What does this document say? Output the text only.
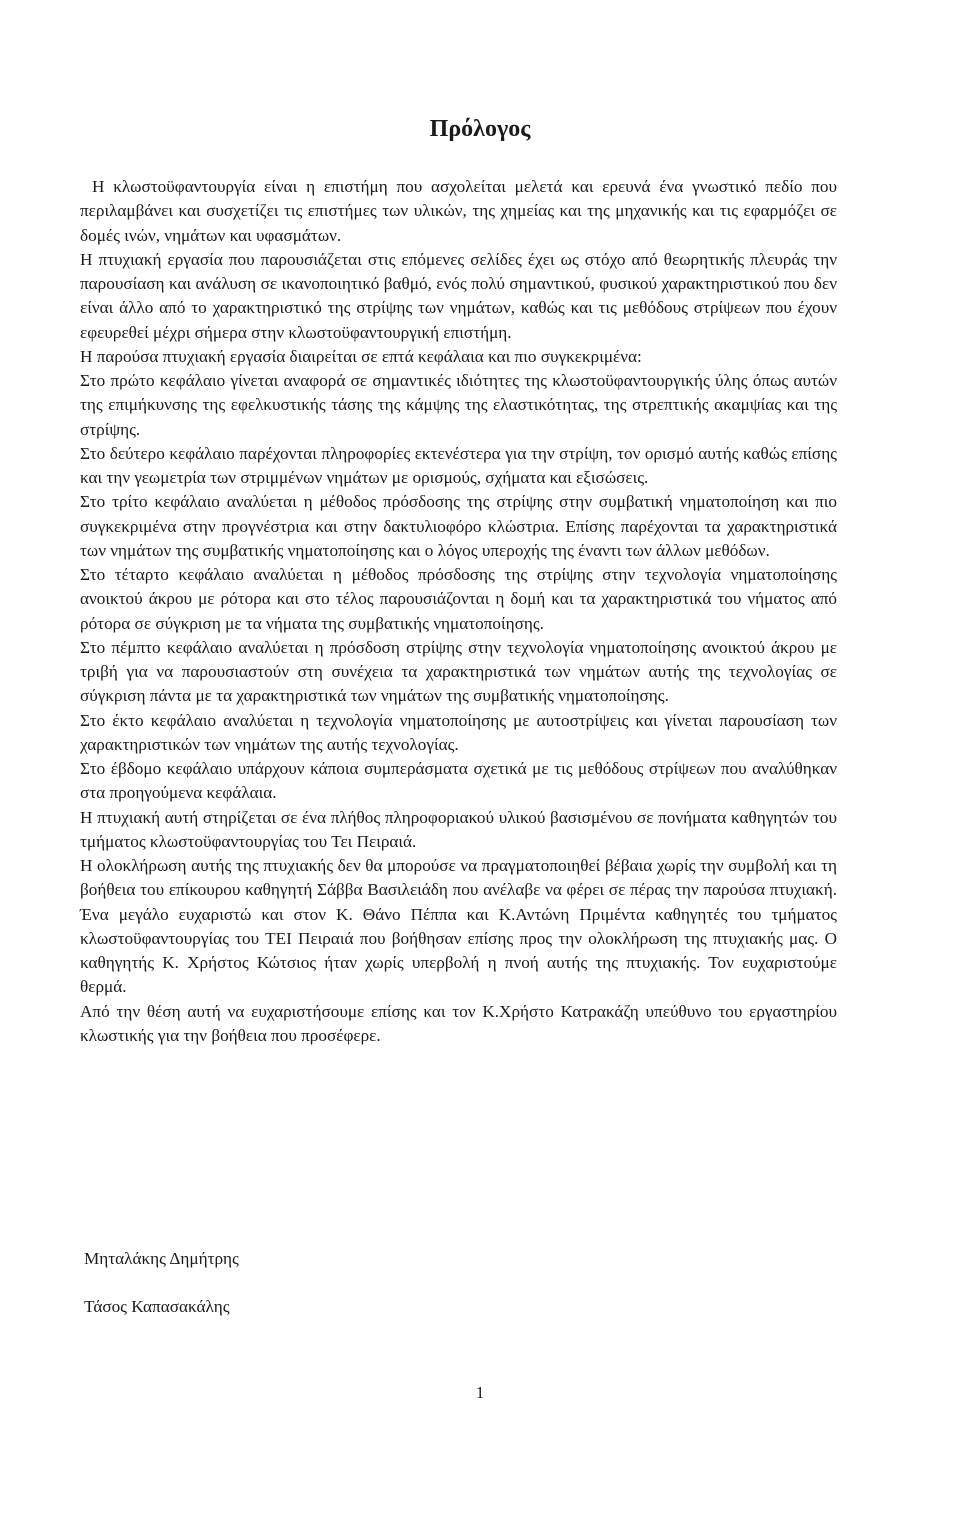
Πρόλογος

Η κλωστοϋφαντουργία είναι η επιστήμη που ασχολείται μελετά και ερευνά ένα γνωστικό πεδίο που περιλαμβάνει και συσχετίζει τις επιστήμες των υλικών, της χημείας και της μηχανικής και τις εφαρμόζει σε δομές ινών, νημάτων και υφασμάτων.

Η πτυχιακή εργασία που παρουσιάζεται στις επόμενες σελίδες έχει ως στόχο από θεωρητικής πλευράς την παρουσίαση και ανάλυση σε ικανοποιητικό βαθμό, ενός πολύ σημαντικού, φυσικού χαρακτηριστικού που δεν είναι άλλο από το χαρακτηριστικό της στρίψης των νημάτων, καθώς και τις μεθόδους στρίψεων που έχουν εφευρεθεί μέχρι σήμερα στην κλωστοϋφαντουργική επιστήμη.

Η παρούσα πτυχιακή εργασία διαιρείται σε επτά κεφάλαια και πιο συγκεκριμένα:

Στο πρώτο κεφάλαιο γίνεται αναφορά σε σημαντικές ιδιότητες της κλωστοϋφαντουργικής ύλης όπως αυτών της επιμήκυνσης της εφελκυστικής τάσης της κάμψης της ελαστικότητας, της στρεπτικής ακαμψίας και της στρίψης.

Στο δεύτερο κεφάλαιο παρέχονται πληροφορίες εκτενέστερα για την στρίψη, τον ορισμό αυτής καθώς επίσης και την γεωμετρία των στριμμένων νημάτων με ορισμούς, σχήματα και εξισώσεις.

Στο τρίτο κεφάλαιο αναλύεται η μέθοδος πρόσδοσης της στρίψης στην συμβατική νηματοποίηση και πιο συγκεκριμένα στην προγνέστρια και στην δακτυλιοφόρο κλώστρια. Επίσης παρέχονται τα χαρακτηριστικά των νημάτων της συμβατικής νηματοποίησης και ο λόγος υπεροχής της έναντι των άλλων μεθόδων.

Στο τέταρτο κεφάλαιο αναλύεται η μέθοδος πρόσδοσης της στρίψης στην τεχνολογία νηματοποίησης ανοικτού άκρου με ρότορα και στο τέλος παρουσιάζονται η δομή και τα χαρακτηριστικά του νήματος από ρότορα σε σύγκριση με τα νήματα της συμβατικής νηματοποίησης.

Στο πέμπτο κεφάλαιο αναλύεται η πρόσδοση στρίψης στην τεχνολογία νηματοποίησης ανοικτού άκρου με τριβή για να παρουσιαστούν στη συνέχεια τα χαρακτηριστικά των νημάτων αυτής της τεχνολογίας σε σύγκριση πάντα με τα χαρακτηριστικά των νημάτων της συμβατικής νηματοποίησης.

Στο έκτο κεφάλαιο αναλύεται η τεχνολογία νηματοποίησης με αυτοστρίψεις και γίνεται παρουσίαση των χαρακτηριστικών των νημάτων της αυτής τεχνολογίας.

Στο έβδομο κεφάλαιο υπάρχουν κάποια συμπεράσματα σχετικά με τις μεθόδους στρίψεων που αναλύθηκαν στα προηγούμενα κεφάλαια.

Η πτυχιακή αυτή στηρίζεται σε ένα πλήθος πληροφοριακού υλικού βασισμένου σε πονήματα καθηγητών του τμήματος κλωστοϋφαντουργίας του Τει Πειραιά.

Η ολοκλήρωση αυτής της πτυχιακής δεν θα μπορούσε να πραγματοποιηθεί βέβαια χωρίς την συμβολή και τη βοήθεια του επίκουρου καθηγητή Σάββα Βασιλειάδη που ανέλαβε να φέρει σε πέρας την παρούσα πτυχιακή. Ένα μεγάλο ευχαριστώ και στον Κ. Θάνο Πέππα και Κ.Αντώνη Πριμέντα καθηγητές του τμήματος κλωστοϋφαντουργίας του ΤΕΙ Πειραιά που βοήθησαν επίσης προς την ολοκλήρωση της πτυχιακής μας. Ο καθηγητής Κ. Χρήστος Κώτσιος ήταν χωρίς υπερβολή η πνοή αυτής της πτυχιακής. Τον ευχαριστούμε θερμά.

Από την θέση αυτή να ευχαριστήσουμε επίσης και τον Κ.Χρήστο Κατρακάζη υπεύθυνο του εργαστηρίου κλωστικής για την βοήθεια που προσέφερε.

Μηταλάκης Δημήτρης

Τάσος Καπασακάλης

1
